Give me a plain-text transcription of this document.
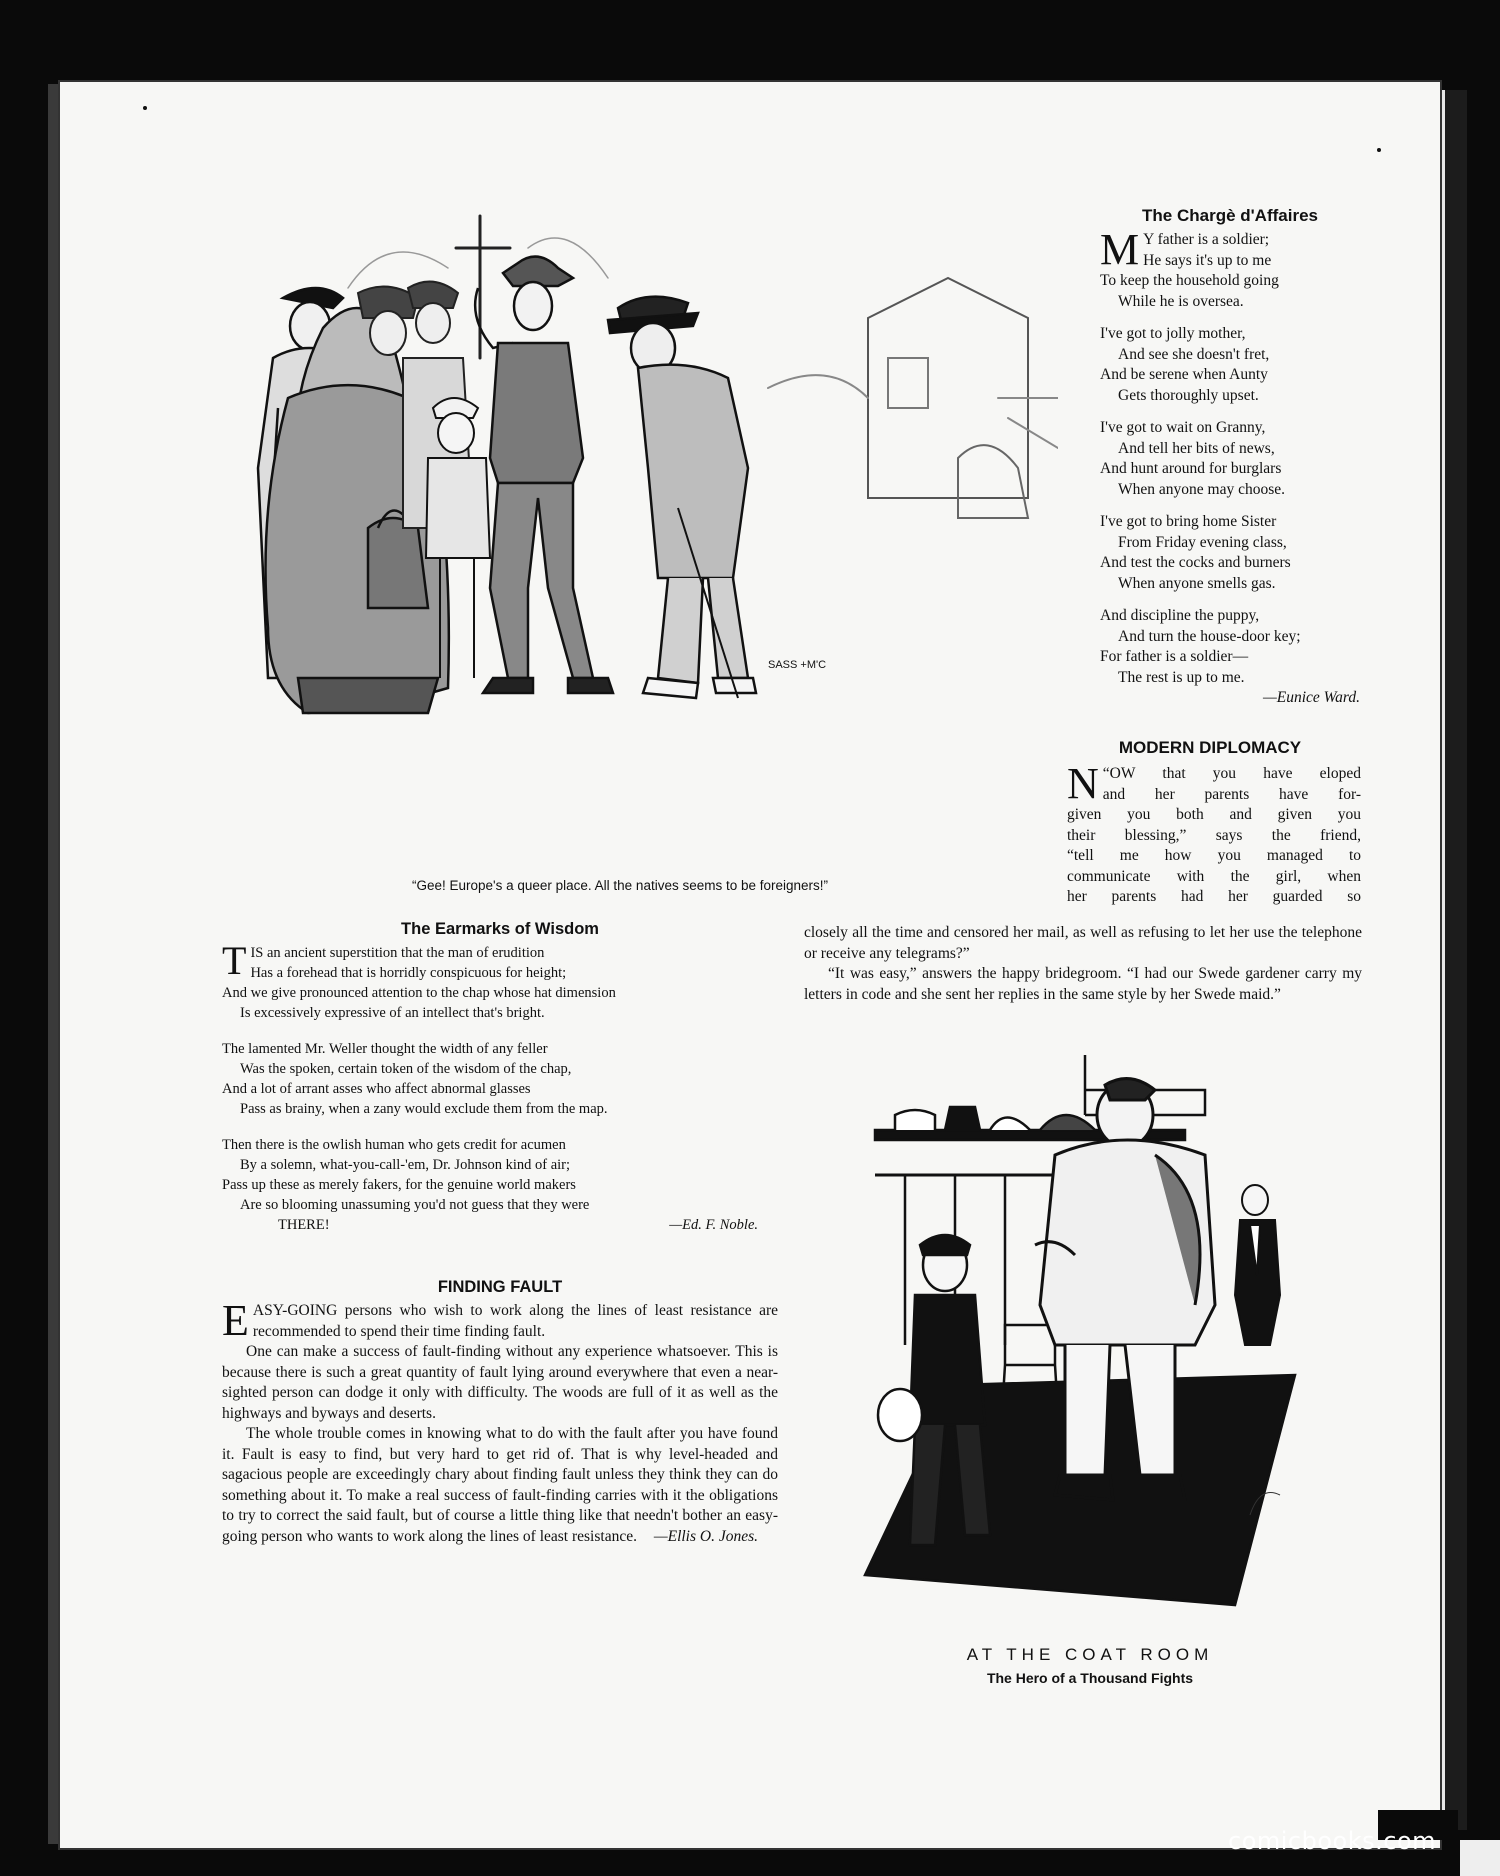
SASS +M'C
“Gee! Europe's a queer place. All the natives seems to be foreigners!”
The Chargè d'Affaires
M Y father is a soldier;
He says it's up to me
To keep the household going
While he is oversea.
I've got to jolly mother,
And see she doesn't fret,
And be serene when Aunty
Gets thoroughly upset.
I've got to wait on Granny,
And tell her bits of news,
And hunt around for burglars
When anyone may choose.
I've got to bring home Sister
From Friday evening class,
And test the cocks and burners
When anyone smells gas.
And discipline the puppy,
And turn the house-door key;
For father is a soldier—
The rest is up to me.
—Eunice Ward.
MODERN DIPLOMACY
N “OW that you have eloped
and her parents have for-
given you both and given you
their blessing,” says the friend,
“tell me how you managed to
communicate with the girl, when
her parents had her guarded so

closely all the time and censored her mail, as well as refusing to let her use the telephone or receive any telegrams?”

“It was easy,” answers the happy bridegroom. “I had our Swede gardener carry my letters in code and she sent her replies in the same style by her Swede maid.”

The Earmarks of Wisdom
T IS an ancient superstition that the man of erudition
Has a forehead that is horridly conspicuous for height;
And we give pronounced attention to the chap whose hat dimension
Is excessively expressive of an intellect that's bright.
The lamented Mr. Weller thought the width of any feller
Was the spoken, certain token of the wisdom of the chap,
And a lot of arrant asses who affect abnormal glasses
Pass as brainy, when a zany would exclude them from the map.
Then there is the owlish human who gets credit for acumen
By a solemn, what-you-call-'em, Dr. Johnson kind of air;
Pass up these as merely fakers, for the genuine world makers
Are so blooming unassuming you'd not guess that they were
THERE!	—Ed. F. Noble.
FINDING FAULT

E ASY-GOING persons who wish to work along the lines of least resistance are recommended to spend their time finding fault.

One can make a success of fault-finding without any experience whatsoever. This is because there is such a great quantity of fault lying around everywhere that even a near-sighted person can dodge it only with difficulty. The woods are full of it as well as the highways and byways and deserts.

The whole trouble comes in knowing what to do with the fault after you have found it. Fault is easy to find, but very hard to get rid of. That is why level-headed and sagacious people are exceedingly chary about finding fault unless they think they can do something about it. To make a real success of fault-finding carries with it the obligations to try to correct the said fault, but of course a little thing like that needn't bother an easy-going person who wants to work along the lines of least resistance.	—Ellis O. Jones.
AT THE COAT ROOM
The Hero of a Thousand Fights
comicbooks.com
